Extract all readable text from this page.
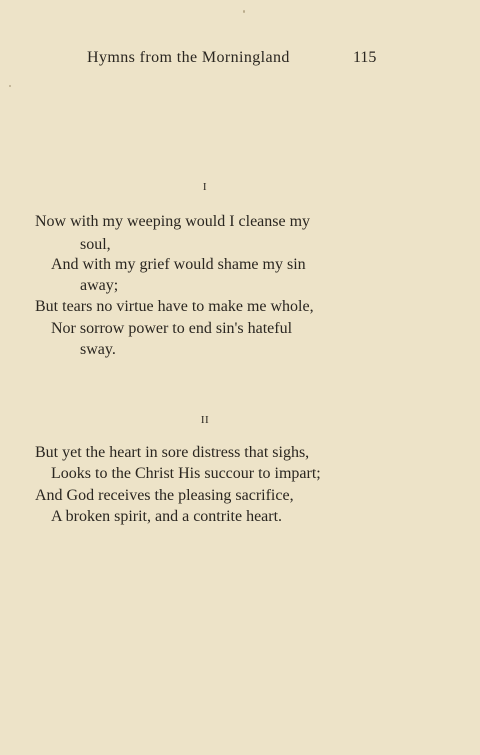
Hymns from the Morningland	115
I
Now with my weeping would I cleanse my
soul,
And with my grief would shame my sin
away;
But tears no virtue have to make me whole,
Nor sorrow power to end sin's hateful
sway.
II
But yet the heart in sore distress that sighs,
Looks to the Christ His succour to impart;
And God receives the pleasing sacrifice,
A broken spirit, and a contrite heart.
